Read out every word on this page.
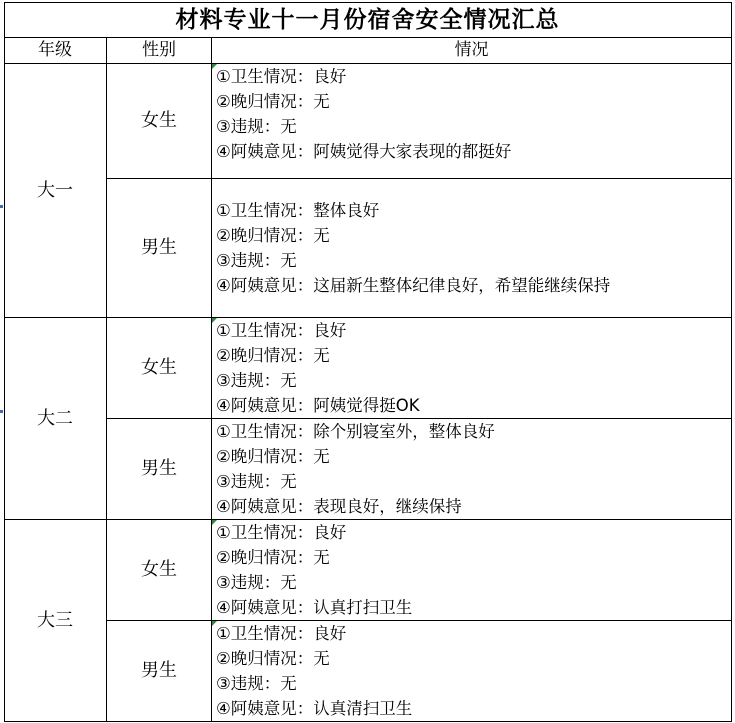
材料专业十一月份宿舍安全情况汇总
年级	性别	情况
大一
大二
大三
女生
男生
女生
男生
女生
男生
①卫生情况：良好
②晚归情况：无
③违规：无
④阿姨意见：阿姨觉得大家表现的都挺好
①卫生情况：整体良好
②晚归情况：无
③违规：无
④阿姨意见：这届新生整体纪律良好，希望能继续保持
①卫生情况：良好
②晚归情况：无
③违规：无
④阿姨意见：阿姨觉得挺OK
①卫生情况：除个别寝室外，整体良好
②晚归情况：无
③违规：无
④阿姨意见：表现良好，继续保持
①卫生情况：良好
②晚归情况：无
③违规：无
④阿姨意见：认真打扫卫生
①卫生情况：良好
②晚归情况：无
③违规：无
④阿姨意见：认真清扫卫生
